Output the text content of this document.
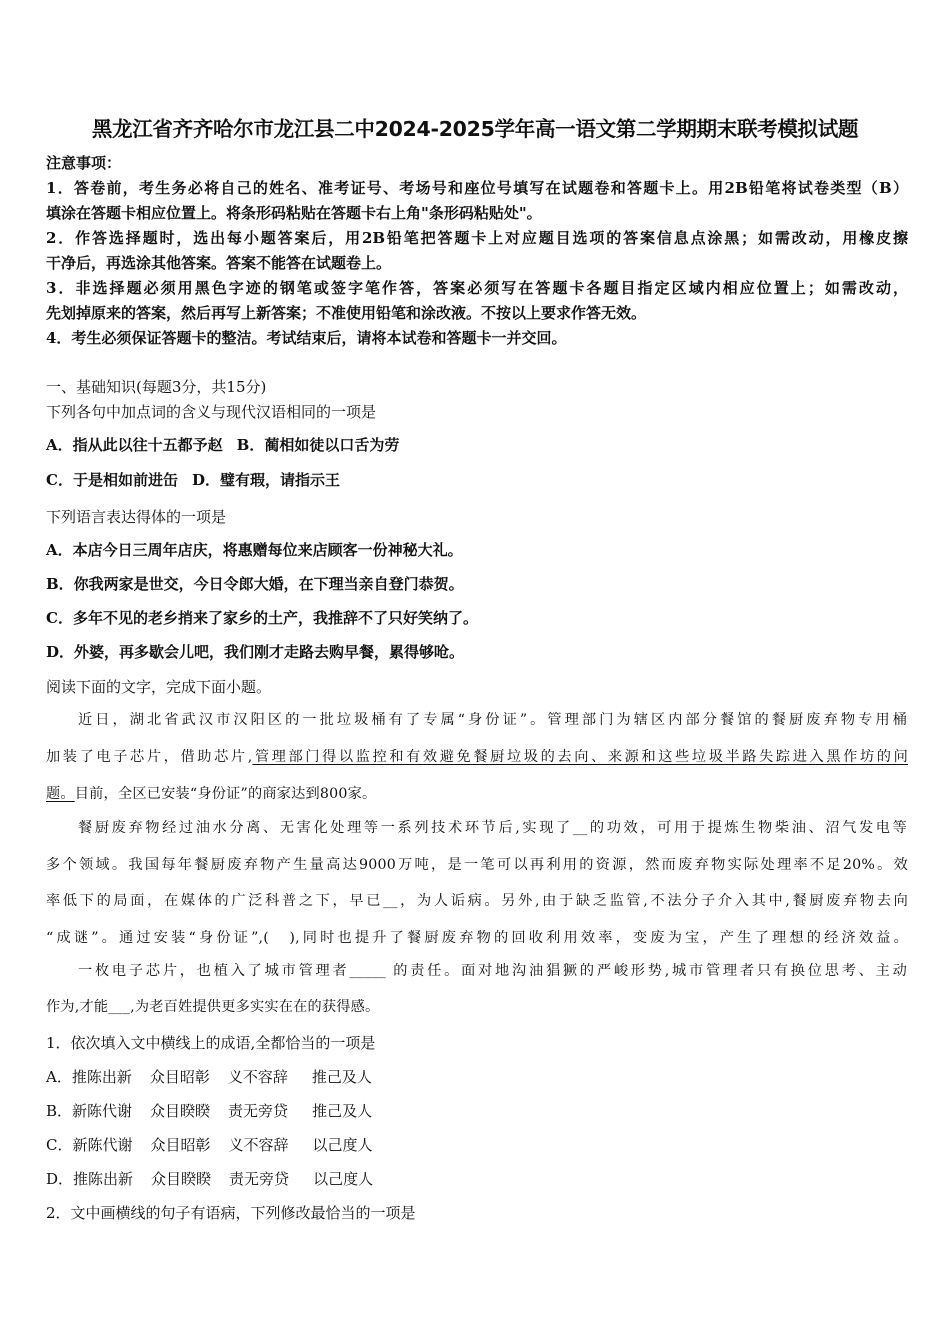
黑龙江省齐齐哈尔市龙江县二中2024-2025学年高一语文第二学期期末联考模拟试题
注意事项：
1．答卷前，考生务必将自己的姓名、准考证号、考场号和座位号填写在试题卷和答题卡上。用2B铅笔将试卷类型（B）
填涂在答题卡相应位置上。将条形码粘贴在答题卡右上角"条形码粘贴处"。
2．作答选择题时，选出每小题答案后，用2B铅笔把答题卡上对应题目选项的答案信息点涂黑；如需改动，用橡皮擦
干净后，再选涂其他答案。答案不能答在试题卷上。
3．非选择题必须用黑色字迹的钢笔或签字笔作答，答案必须写在答题卡各题目指定区域内相应位置上；如需改动，
先划掉原来的答案，然后再写上新答案；不准使用铅笔和涂改液。不按以上要求作答无效。
4．考生必须保证答题卡的整洁。考试结束后，请将本试卷和答题卡一并交回。
一、基础知识(每题3分，共15分)
下列各句中加点词的含义与现代汉语相同的一项是
A．指从此以往十五都予赵 B．蔺相如徒以口舌为劳
C．于是相如前进缶 D．璧有瑕，请指示王
下列语言表达得体的一项是
A．本店今日三周年店庆，将惠赠每位来店顾客一份神秘大礼。
B．你我两家是世交，今日令郎大婚，在下理当亲自登门恭贺。
C．多年不见的老乡捎来了家乡的土产，我推辞不了只好笑纳了。
D．外婆，再多歇会儿吧，我们刚才走路去购早餐，累得够呛。
阅读下面的文字，完成下面小题。
近日，湖北省武汉市汉阳区的一批垃圾桶有了专属“身份证”。管理部门为辖区内部分餐馆的餐厨废弃物专用桶
加装了电子芯片，借助芯片,管理部门得以监控和有效避免餐厨垃圾的去向、来源和这些垃圾半路失踪进入黑作坊的问
题。目前，全区已安装“身份证”的商家达到800家。
餐厨废弃物经过油水分离、无害化处理等一系列技术环节后,实现了__的功效，可用于提炼生物柴油、沼气发电等
多个领域。我国每年餐厨废弃物产生量高达9000万吨，是一笔可以再利用的资源，然而废弃物实际处理率不足20%。效
率低下的局面，在媒体的广泛科普之下，早已__，为人诟病。另外,由于缺乏监管,不法分子介入其中,餐厨废弃物去向
“成谜”。通过安装“身份证”,(　),同时也提升了餐厨废弃物的回收利用效率，变废为宝，产生了理想的经济效益。
一枚电子芯片，也植入了城市管理者_____ 的责任。面对地沟油猖獗的严峻形势,城市管理者只有换位思考、主动
作为,才能___,为老百姓提供更多实实在在的获得感。
1．依次填入文中横线上的成语,全都恰当的一项是
A．推陈出新 众目昭彰 义不容辞 推己及人
B．新陈代谢 众目睽睽 责无旁贷 推己及人
C．新陈代谢 众目昭彰 义不容辞 以己度人
D．推陈出新 众目睽睽 责无旁贷 以己度人
2．文中画横线的句子有语病，下列修改最恰当的一项是
